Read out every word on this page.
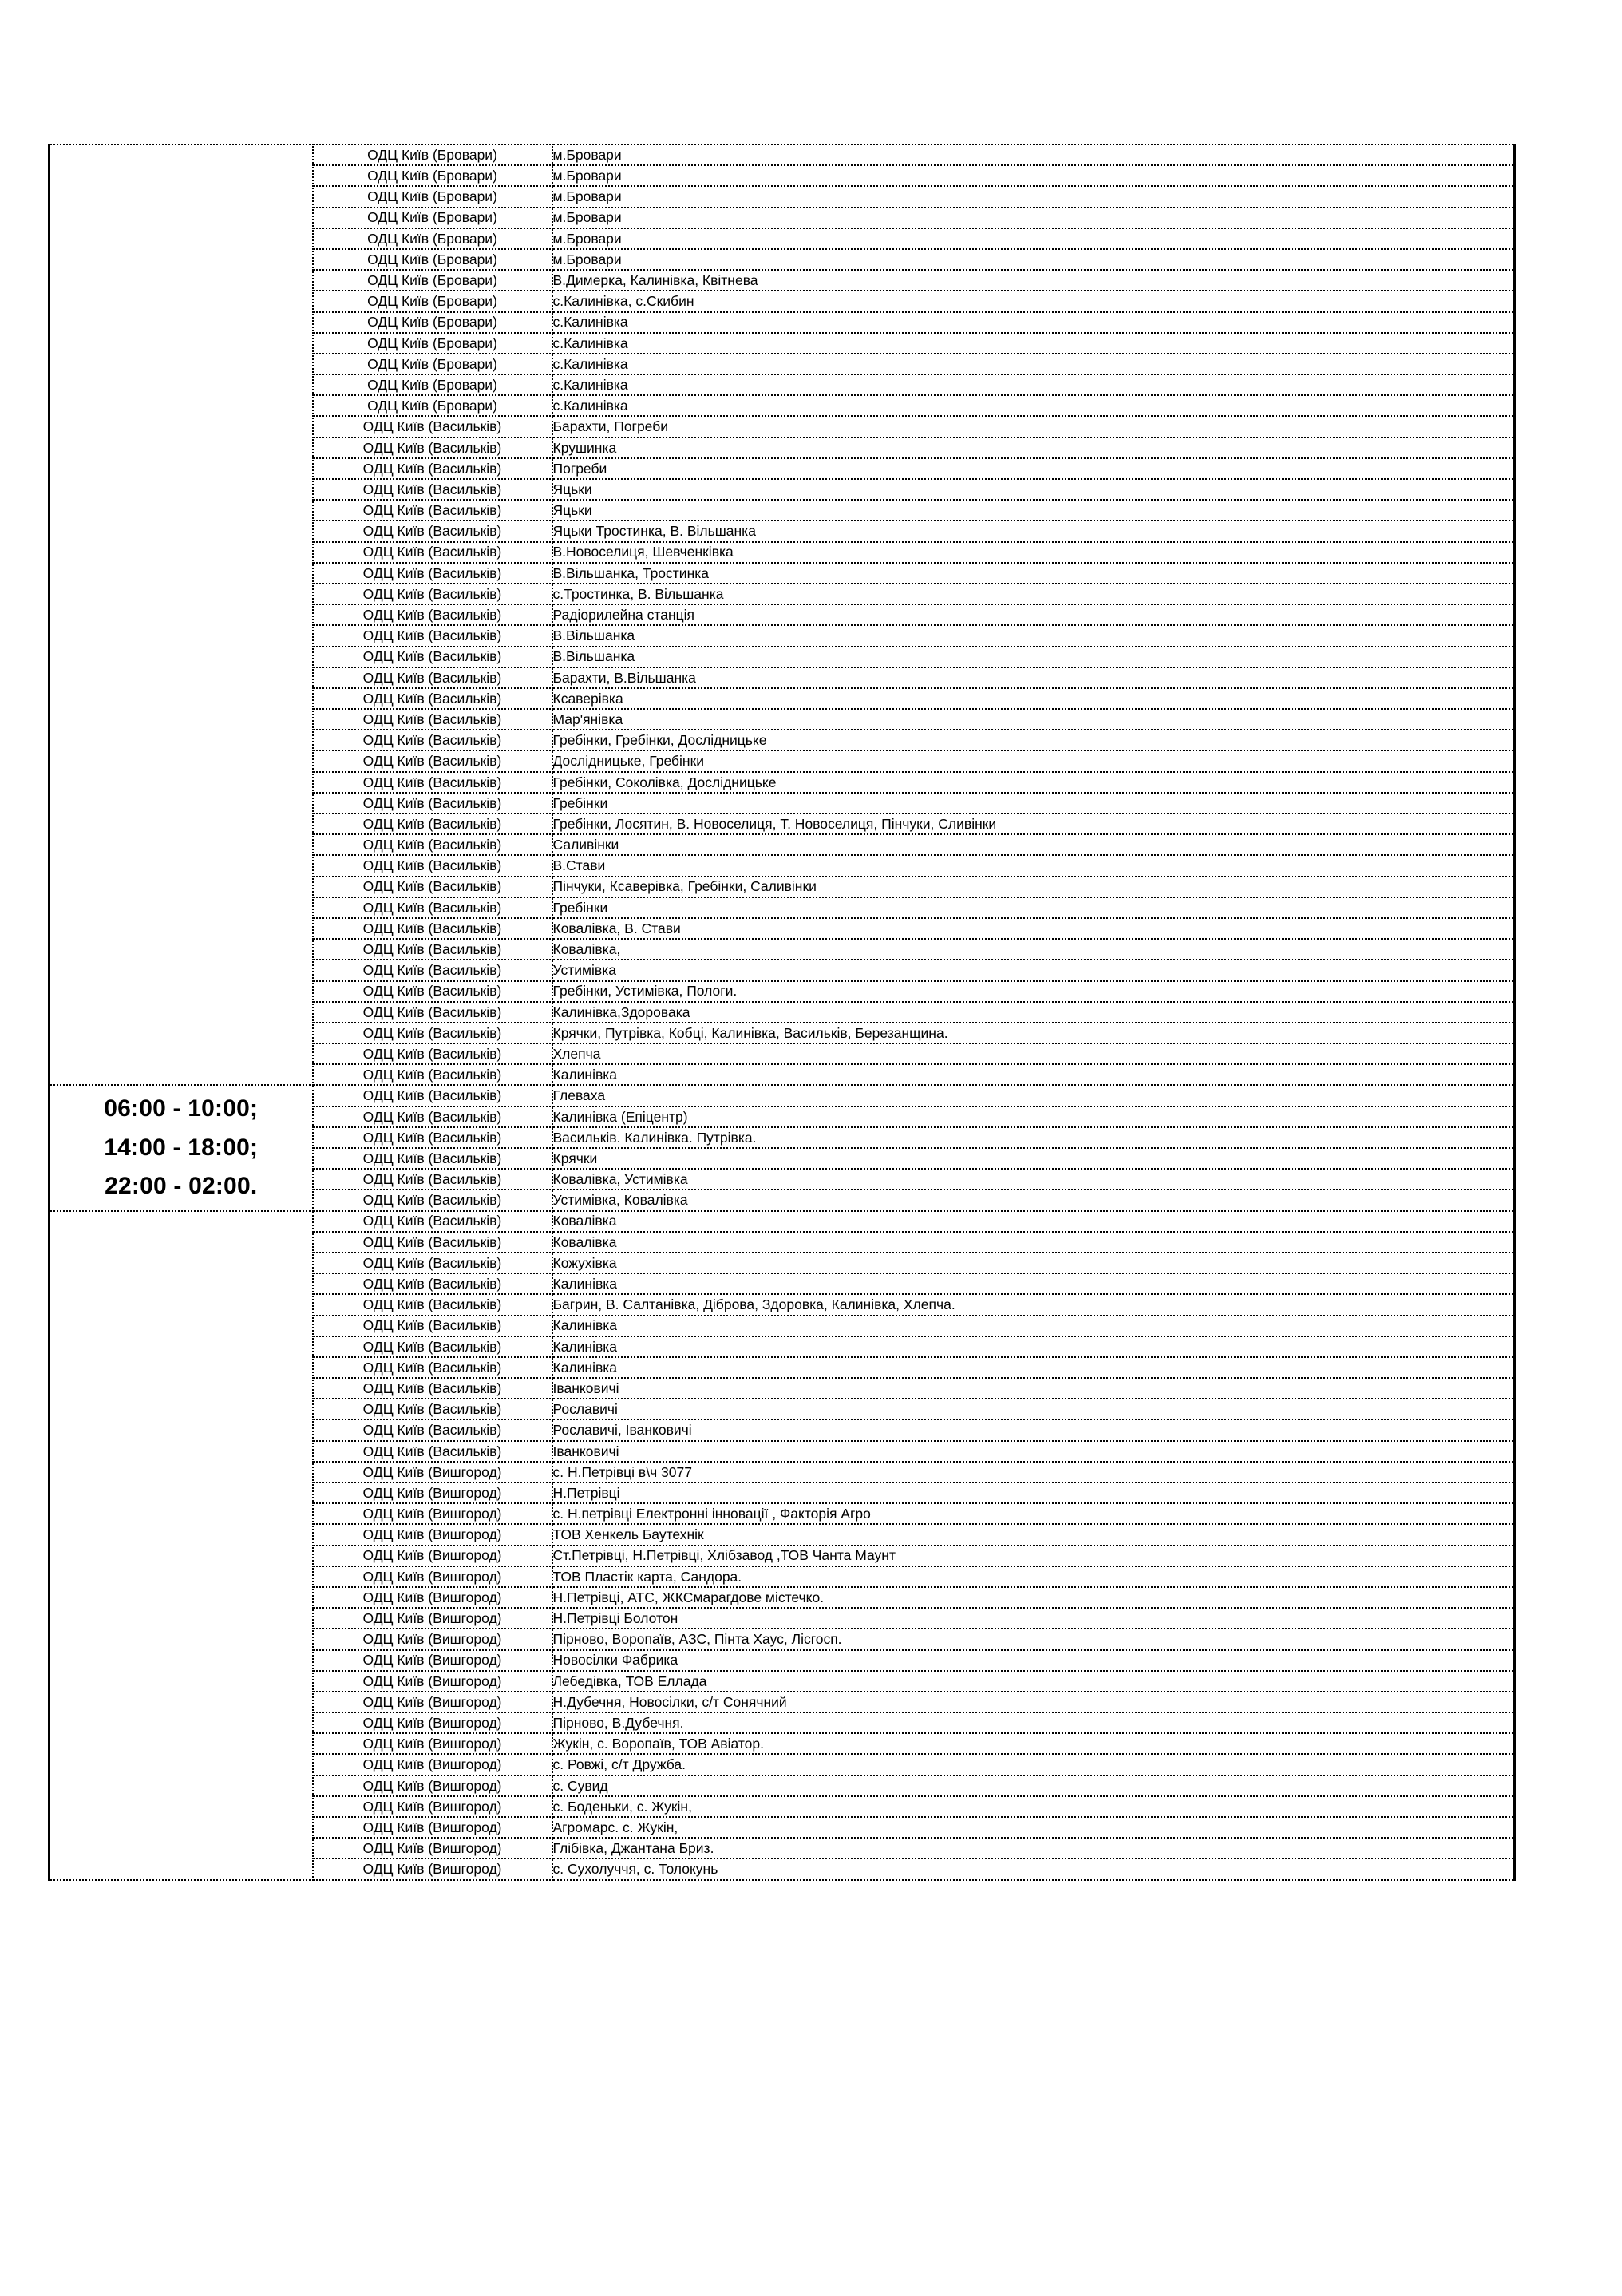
	ОДЦ Київ (Бровари)	м.Бровари
	ОДЦ Київ (Бровари)	м.Бровари
	ОДЦ Київ (Бровари)	м.Бровари
	ОДЦ Київ (Бровари)	м.Бровари
	ОДЦ Київ (Бровари)	м.Бровари
	ОДЦ Київ (Бровари)	м.Бровари
	ОДЦ Київ (Бровари)	В.Димерка, Калинівка, Квітнева
	ОДЦ Київ (Бровари)	с.Калинівка, с.Скибин
	ОДЦ Київ (Бровари)	с.Калинівка
	ОДЦ Київ (Бровари)	с.Калинівка
	ОДЦ Київ (Бровари)	с.Калинівка
	ОДЦ Київ (Бровари)	с.Калинівка
	ОДЦ Київ (Бровари)	с.Калинівка
	ОДЦ Київ (Васильків)	Барахти, Погреби
	ОДЦ Київ (Васильків)	Крушинка
	ОДЦ Київ (Васильків)	Погреби
	ОДЦ Київ (Васильків)	Яцьки
	ОДЦ Київ (Васильків)	Яцьки
	ОДЦ Київ (Васильків)	Яцьки Тростинка, В. Вільшанка
	ОДЦ Київ (Васильків)	В.Новоселиця, Шевченківка
	ОДЦ Київ (Васильків)	В.Вільшанка, Тростинка
	ОДЦ Київ (Васильків)	с.Тростинка, В. Вільшанка
	ОДЦ Київ (Васильків)	Радіорилейна станція
	ОДЦ Київ (Васильків)	В.Вільшанка
	ОДЦ Київ (Васильків)	В.Вільшанка
	ОДЦ Київ (Васильків)	Барахти, В.Вільшанка
	ОДЦ Київ (Васильків)	Ксаверівка
	ОДЦ Київ (Васильків)	Мар'янівка
	ОДЦ Київ (Васильків)	Гребінки, Гребінки, Дослідницьке
	ОДЦ Київ (Васильків)	Дослідницьке, Гребінки
	ОДЦ Київ (Васильків)	Гребінки, Соколівка, Дослідницьке
	ОДЦ Київ (Васильків)	Гребінки
	ОДЦ Київ (Васильків)	Гребінки, Лосятин, В. Новоселиця, Т. Новоселиця, Пінчуки, Сливінки
	ОДЦ Київ (Васильків)	Саливінки
	ОДЦ Київ (Васильків)	В.Стави
	ОДЦ Київ (Васильків)	Пінчуки, Ксаверівка, Гребінки, Саливінки
	ОДЦ Київ (Васильків)	Гребінки
	ОДЦ Київ (Васильків)	Ковалівка, В. Стави
	ОДЦ Київ (Васильків)	Ковалівка,
	ОДЦ Київ (Васильків)	Устимівка
	ОДЦ Київ (Васильків)	Гребінки, Устимівка, Пологи.
	ОДЦ Київ (Васильків)	Калинівка,Здоровака
	ОДЦ Київ (Васильків)	Крячки, Путрівка, Кобці, Калинівка, Васильків, Березанщина.
	ОДЦ Київ (Васильків)	Хлепча
	ОДЦ Київ (Васильків)	Калинівка

06:00 - 10:00;
14:00 - 18:00;
22:00 - 02:00.	ОДЦ Київ (Васильків)	Глеваха
	ОДЦ Київ (Васильків)	Калинівка (Епіцентр)
	ОДЦ Київ (Васильків)	Васильків. Калинівка. Путрівка.
	ОДЦ Київ (Васильків)	Крячки
	ОДЦ Київ (Васильків)	Ковалівка, Устимівка
	ОДЦ Київ (Васильків)	Устимівка, Ковалівка
	ОДЦ Київ (Васильків)	Ковалівка
	ОДЦ Київ (Васильків)	Ковалівка
	ОДЦ Київ (Васильків)	Кожухівка
	ОДЦ Київ (Васильків)	Калинівка
	ОДЦ Київ (Васильків)	Багрин, В. Салтанівка, Діброва, Здоровка, Калинівка, Хлепча.
	ОДЦ Київ (Васильків)	Калинівка
	ОДЦ Київ (Васильків)	Калинівка
	ОДЦ Київ (Васильків)	Калинівка
	ОДЦ Київ (Васильків)	Іванковичі
	ОДЦ Київ (Васильків)	Рославичі
	ОДЦ Київ (Васильків)	Рославичі, Іванковичі
	ОДЦ Київ (Васильків)	Іванковичі
	ОДЦ Київ (Вишгород)	с. Н.Петрівці в\ч 3077
	ОДЦ Київ (Вишгород)	Н.Петрівці
	ОДЦ Київ (Вишгород)	с. Н.петрівці Електронні інновації , Факторія Агро
	ОДЦ Київ (Вишгород)	ТОВ Хенкель Баутехнік
	ОДЦ Київ (Вишгород)	Ст.Петрівці, Н.Петрівці, Хлібзавод ,ТОВ Чанта Маунт
	ОДЦ Київ (Вишгород)	ТОВ Пластік карта, Сандора.
	ОДЦ Київ (Вишгород)	Н.Петрівці, АТС, ЖКСмарагдове містечко.
	ОДЦ Київ (Вишгород)	Н.Петрівці Болотон
	ОДЦ Київ (Вишгород)	Пірново, Воропаїв, АЗС, Пінта Хаус, Лісгосп.
	ОДЦ Київ (Вишгород)	Новосілки Фабрика
	ОДЦ Київ (Вишгород)	Лебедівка, ТОВ Еллада
	ОДЦ Київ (Вишгород)	Н.Дубечня, Новосілки, с/т Сонячний
	ОДЦ Київ (Вишгород)	Пірново, В.Дубечня.
	ОДЦ Київ (Вишгород)	Жукін, с. Воропаїв, ТОВ Авіатор.
	ОДЦ Київ (Вишгород)	с. Ровжі, с/т Дружба.
	ОДЦ Київ (Вишгород)	с. Сувид
	ОДЦ Київ (Вишгород)	с. Боденьки, с. Жукін,
	ОДЦ Київ (Вишгород)	Агромарс. с. Жукін,
	ОДЦ Київ (Вишгород)	Глібівка, Джантана Бриз.
	ОДЦ Київ (Вишгород)	с. Сухолуччя, с. Толокунь
